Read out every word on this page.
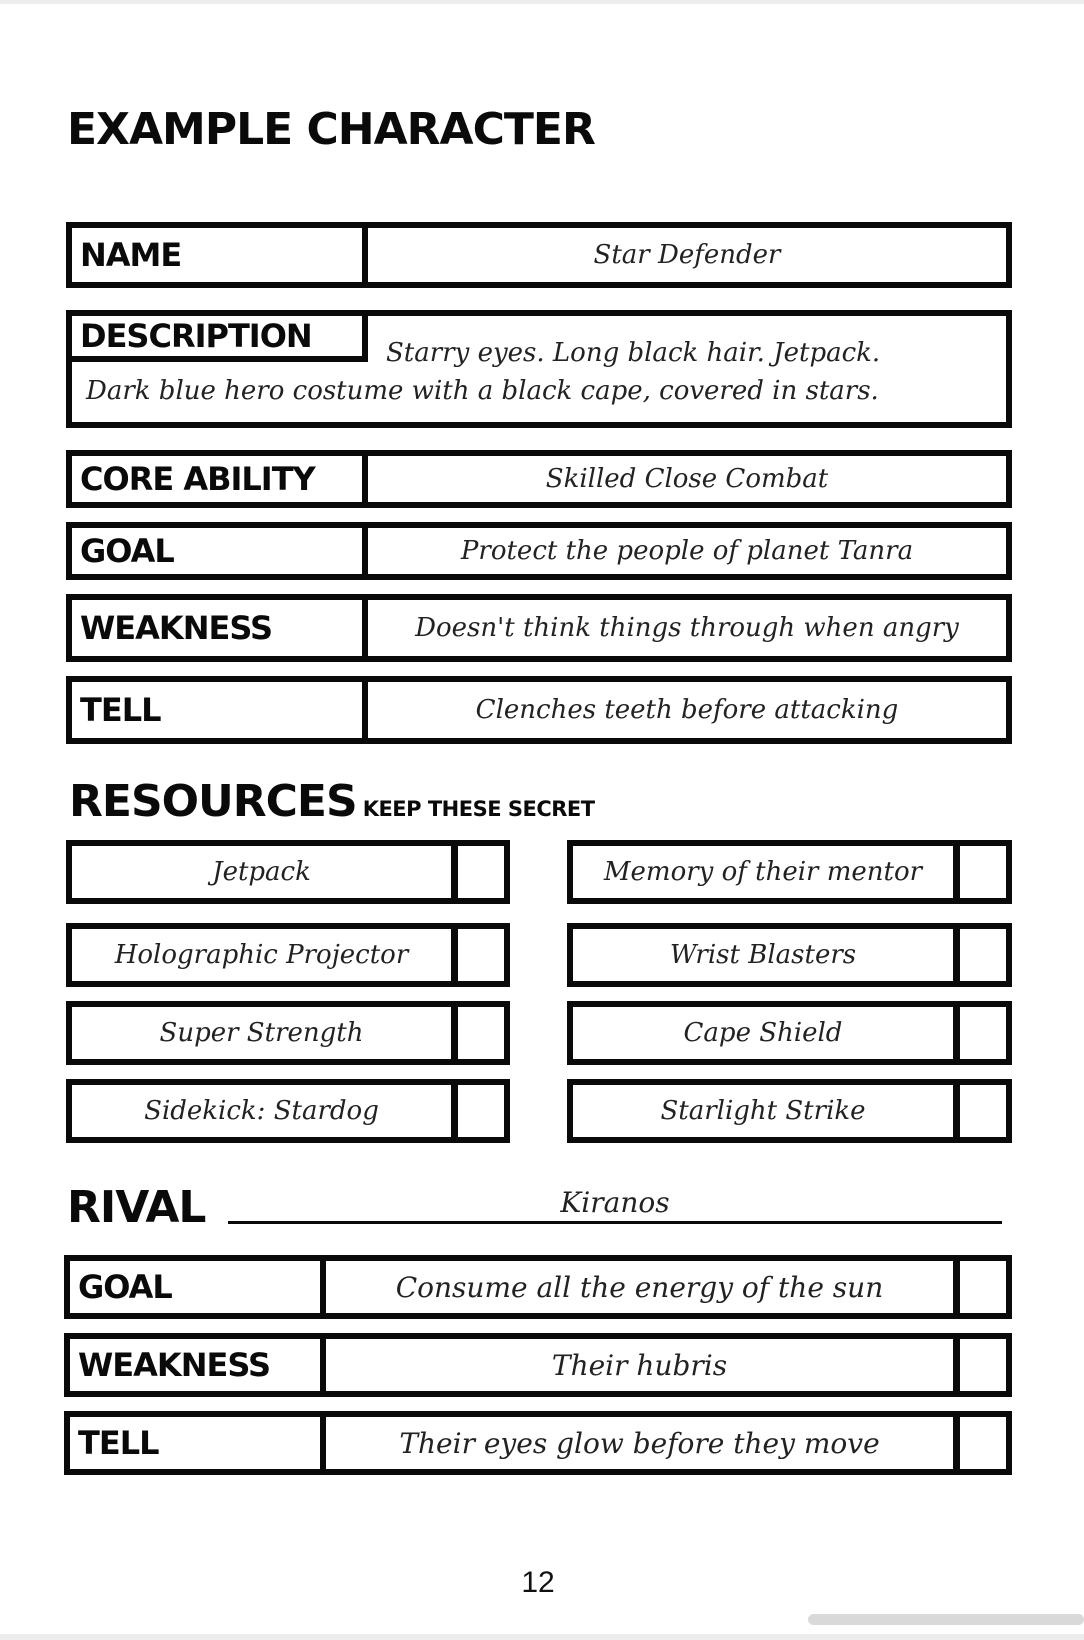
EXAMPLE CHARACTER
NAME	Star Defender
DESCRIPTION	Starry eyes. Long black hair. Jetpack.
Dark blue hero costume with a black cape, covered in stars.
CORE ABILITY	Skilled Close Combat
GOAL	Protect the people of planet Tanra
WEAKNESS	Doesn't think things through when angry
TELL	Clenches teeth before attacking
RESOURCES KEEP THESE SECRET
Jetpack
Holographic Projector
Super Strength
Sidekick: Stardog
Memory of their mentor
Wrist Blasters
Cape Shield
Starlight Strike
RIVAL	Kiranos
GOAL	Consume all the energy of the sun
WEAKNESS	Their hubris
TELL	Their eyes glow before they move
12
